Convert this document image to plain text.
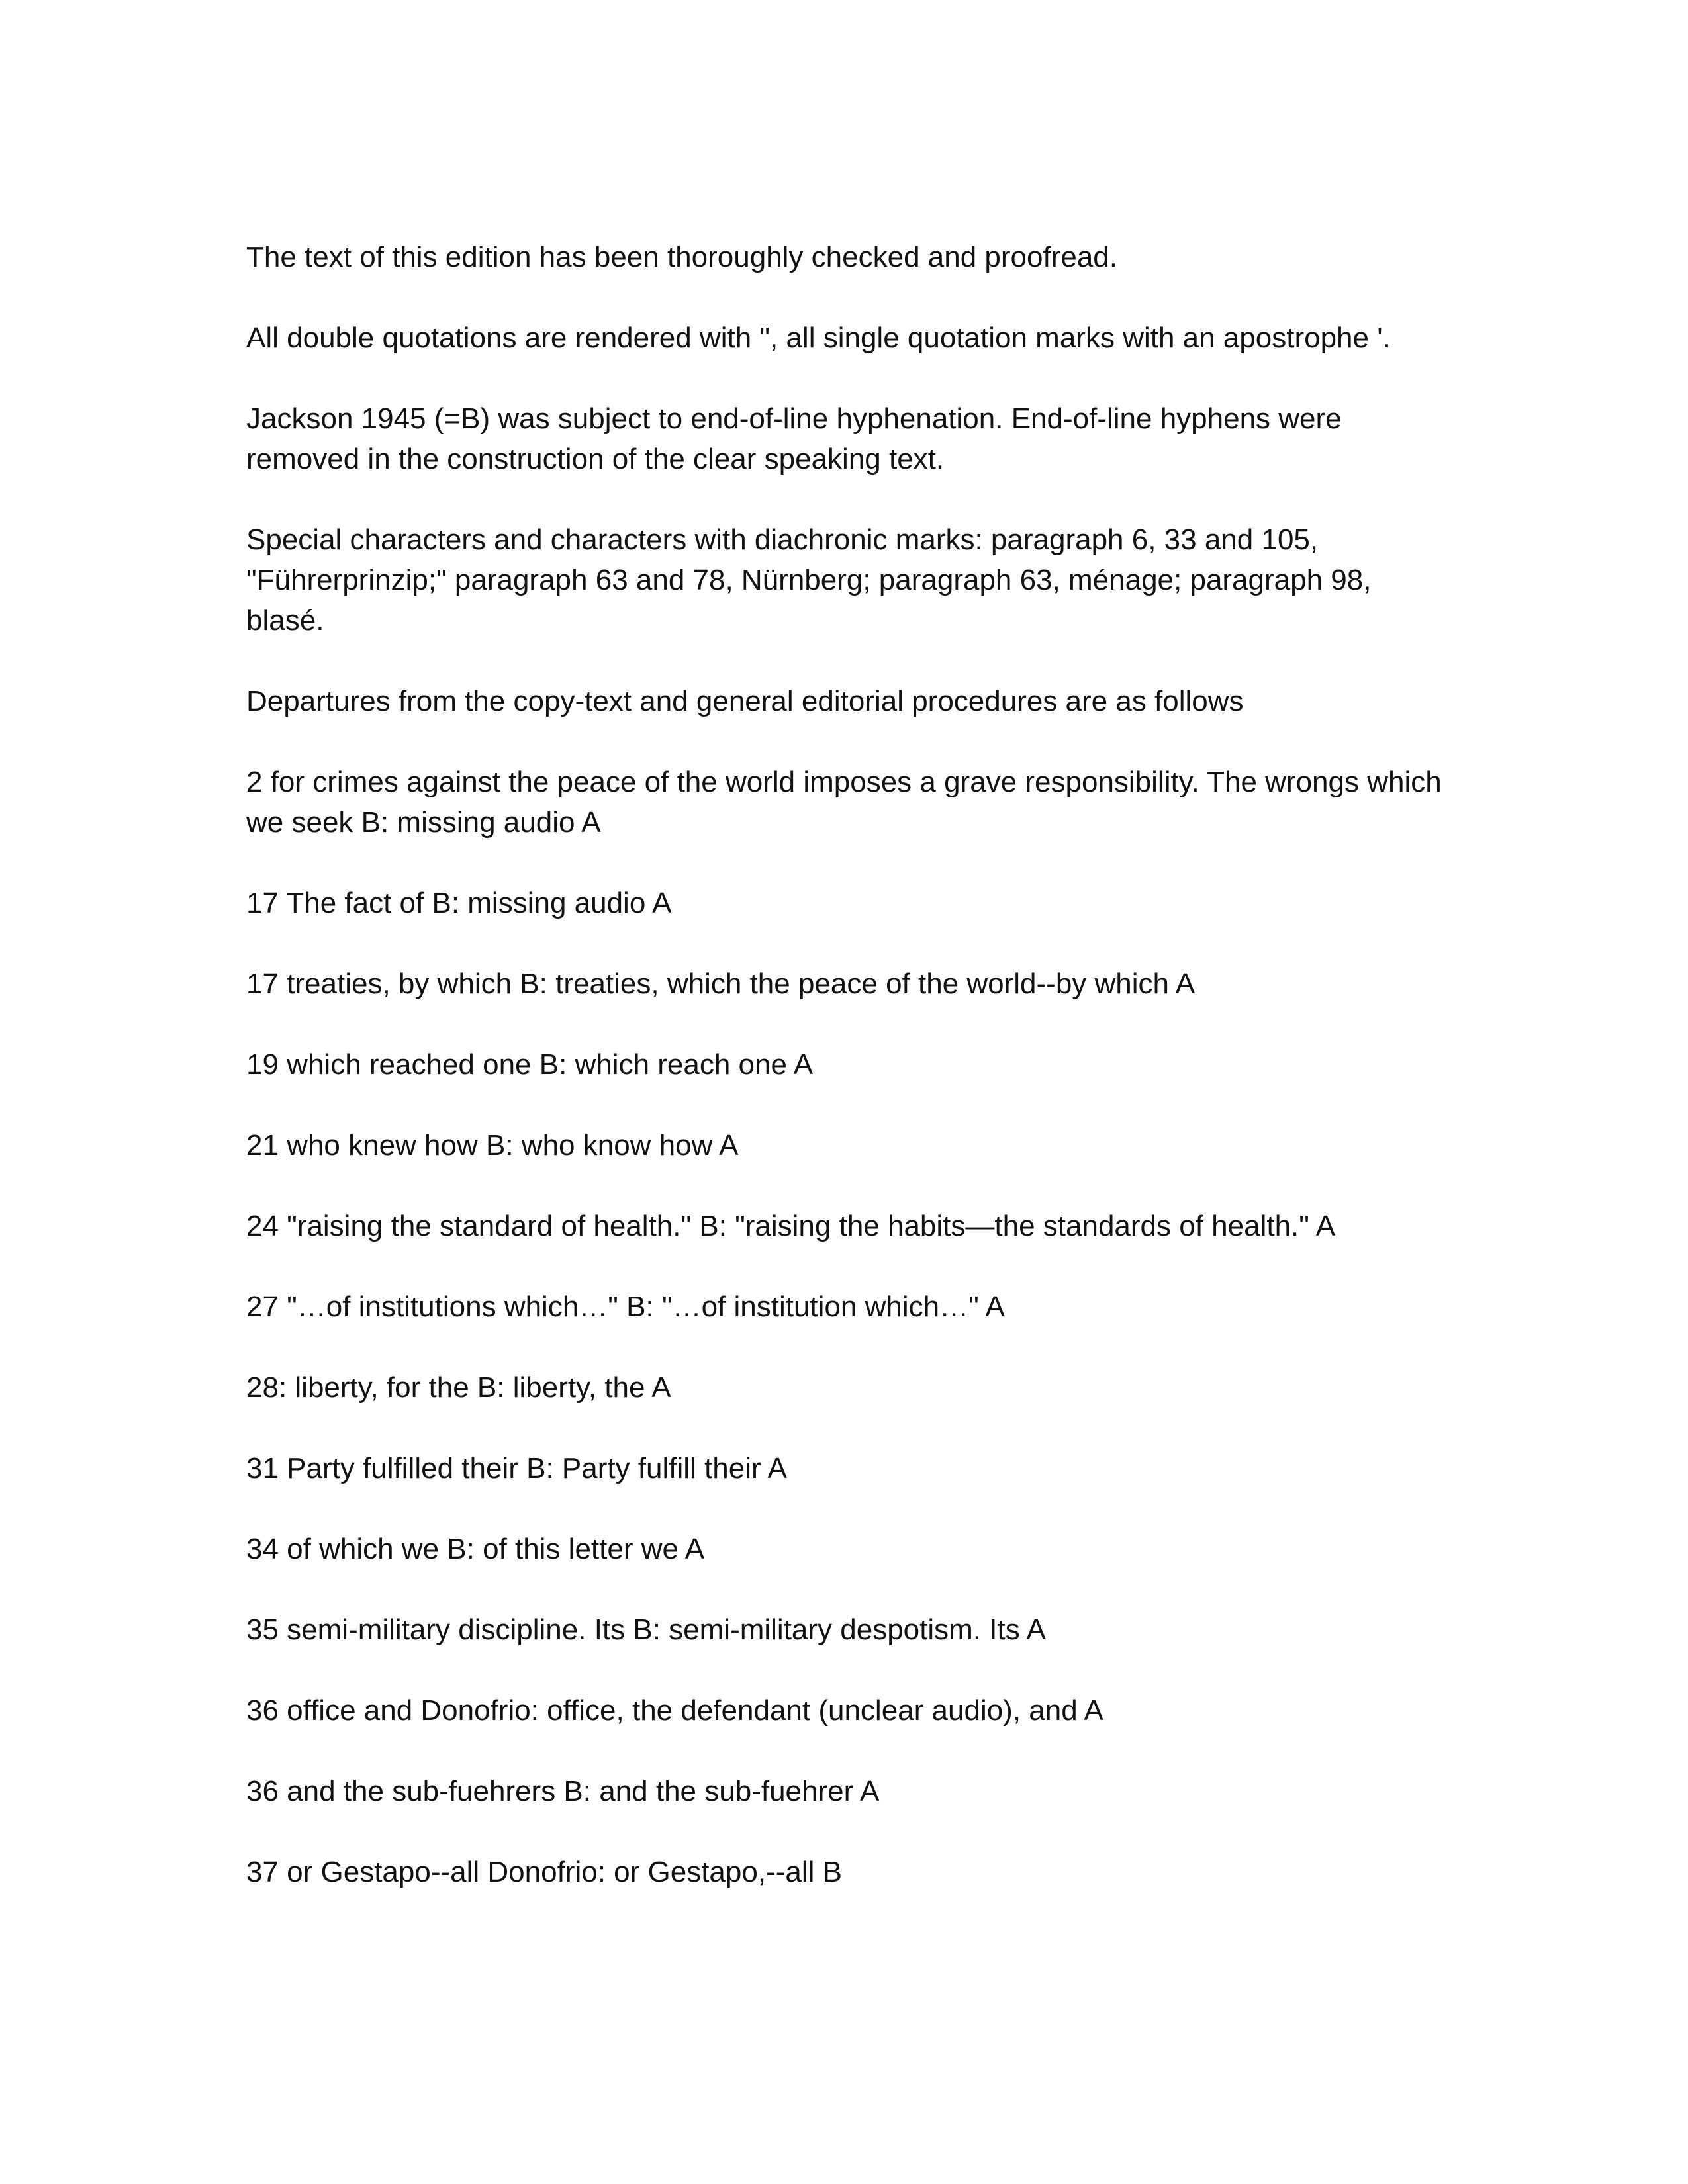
The text of this edition has been thoroughly checked and proofread.

All double quotations are rendered with ", all single quotation marks with an apostrophe '.

Jackson 1945 (=B) was subject to end-of-line hyphenation. End-of-line hyphens were removed in the construction of the clear speaking text.

Special characters and characters with diachronic marks: paragraph 6, 33 and 105, "Führerprinzip;" paragraph 63 and 78, Nürnberg; paragraph 63, ménage; paragraph 98, blasé.

Departures from the copy-text and general editorial procedures are as follows

2 for crimes against the peace of the world imposes a grave responsibility. The wrongs which we seek B: missing audio A

17 The fact of B: missing audio A

17 treaties, by which B: treaties, which the peace of the world--by which A

19 which reached one B: which reach one A

21 who knew how B: who know how A

24 "raising the standard of health." B: "raising the habits—the standards of health." A

27 "…of institutions which…" B: "…of institution which…" A

28: liberty, for the B: liberty, the A

31 Party fulfilled their B: Party fulfill their A

34 of which we B: of this letter we A

35 semi-military discipline. Its B: semi-military despotism. Its A

36 office and Donofrio: office, the defendant (unclear audio), and A

36 and the sub-fuehrers B: and the sub-fuehrer A

37 or Gestapo--all Donofrio: or Gestapo,--all B
